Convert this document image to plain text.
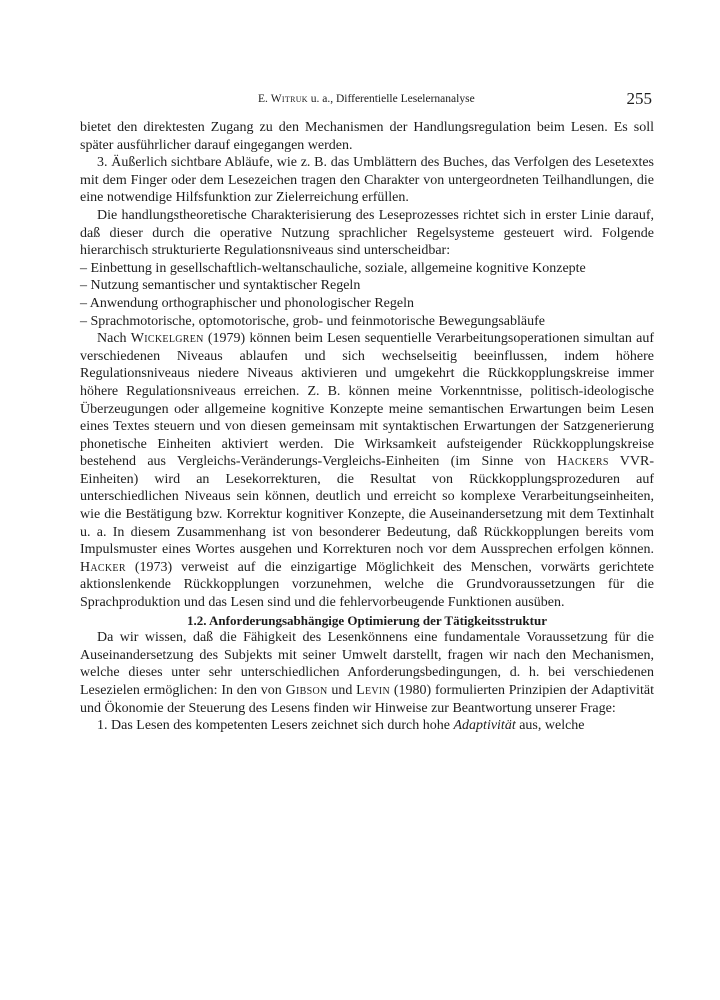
E. Witruk u. a., Differentielle Leselernanalyse	255

bietet den direktesten Zugang zu den Mechanismen der Handlungsregulation beim Lesen. Es soll später ausführlicher darauf eingegangen werden.

3. Äußerlich sichtbare Abläufe, wie z. B. das Umblättern des Buches, das Verfolgen des Lesetextes mit dem Finger oder dem Lesezeichen tragen den Charakter von untergeordneten Teilhandlungen, die eine notwendige Hilfsfunktion zur Zielerreichung erfüllen.

Die handlungstheoretische Charakterisierung des Leseprozesses richtet sich in erster Linie darauf, daß dieser durch die operative Nutzung sprachlicher Regelsysteme gesteuert wird. Folgende hierarchisch strukturierte Regulationsniveaus sind unterscheidbar:

– Einbettung in gesellschaftlich-weltanschauliche, soziale, allgemeine kognitive Konzepte

– Nutzung semantischer und syntaktischer Regeln

– Anwendung orthographischer und phonologischer Regeln

– Sprachmotorische, optomotorische, grob- und feinmotorische Bewegungsabläufe

Nach Wickelgren (1979) können beim Lesen sequentielle Verarbeitungsoperationen simultan auf verschiedenen Niveaus ablaufen und sich wechselseitig beeinflussen, indem höhere Regulationsniveaus niedere Niveaus aktivieren und umgekehrt die Rückkopplungskreise immer höhere Regulationsniveaus erreichen. Z. B. können meine Vorkenntnisse, politisch-ideologische Überzeugungen oder allgemeine kognitive Konzepte meine semantischen Erwartungen beim Lesen eines Textes steuern und von diesen gemeinsam mit syntaktischen Erwartungen der Satzgenerierung phonetische Einheiten aktiviert werden. Die Wirksamkeit aufsteigender Rückkopplungskreise bestehend aus Vergleichs-Veränderungs-Vergleichs-Einheiten (im Sinne von Hackers VVR-Einheiten) wird an Lesekorrekturen, die Resultat von Rückkopplungsprozeduren auf unterschiedlichen Niveaus sein können, deutlich und erreicht so komplexe Verarbeitungseinheiten, wie die Bestätigung bzw. Korrektur kognitiver Konzepte, die Auseinandersetzung mit dem Textinhalt u. a. In diesem Zusammenhang ist von besonderer Bedeutung, daß Rückkopplungen bereits vom Impulsmuster eines Wortes ausgehen und Korrekturen noch vor dem Aussprechen erfolgen können. Hacker (1973) verweist auf die einzigartige Möglichkeit des Menschen, vorwärts gerichtete aktionslenkende Rückkopplungen vorzunehmen, welche die Grundvoraussetzungen für die Sprachproduktion und das Lesen sind und die fehlervorbeugende Funktionen ausüben.

1.2. Anforderungsabhängige Optimierung der Tätigkeitsstruktur

Da wir wissen, daß die Fähigkeit des Lesenkönnens eine fundamentale Voraussetzung für die Auseinandersetzung des Subjekts mit seiner Umwelt darstellt, fragen wir nach den Mechanismen, welche dieses unter sehr unterschiedlichen Anforderungsbedingungen, d. h. bei verschiedenen Lesezielen ermöglichen: In den von Gibson und Levin (1980) formulierten Prinzipien der Adaptivität und Ökonomie der Steuerung des Lesens finden wir Hinweise zur Beantwortung unserer Frage:

1. Das Lesen des kompetenten Lesers zeichnet sich durch hohe Adaptivität aus, welche
